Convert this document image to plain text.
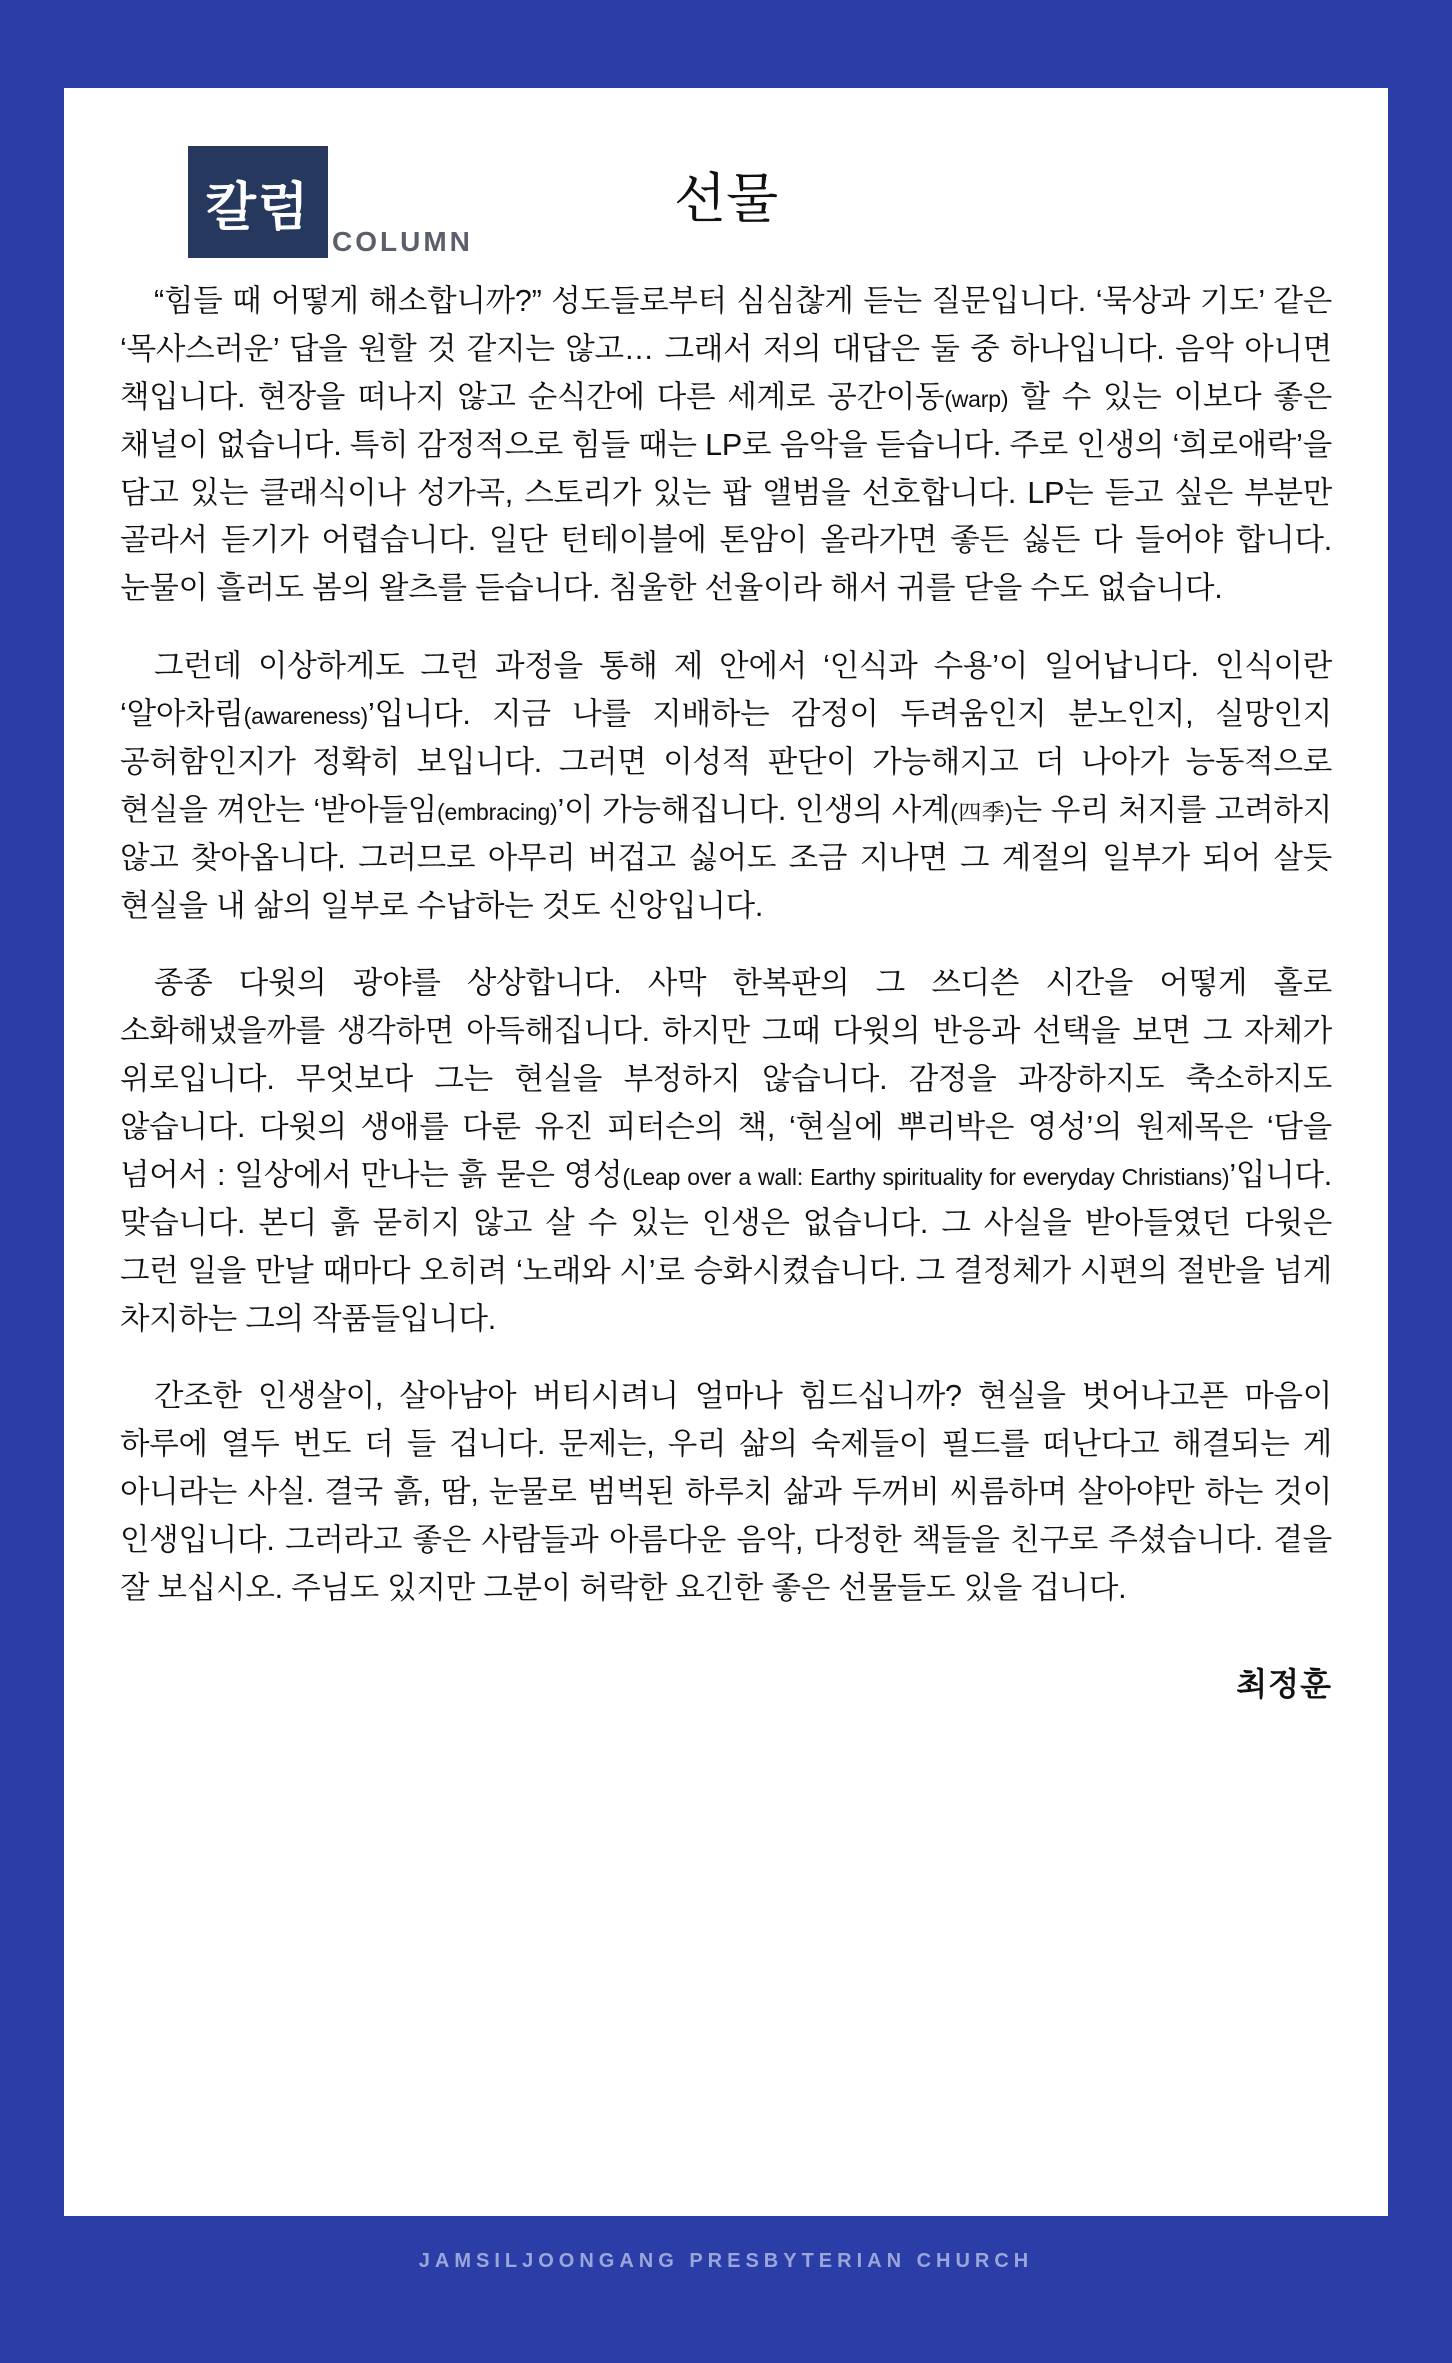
칼럼
COLUMN
선물

“힘들 때 어떻게 해소합니까?” 성도들로부터 심심찮게 듣는 질문입니다. ‘묵상과 기도’ 같은 ‘목사스러운’ 답을 원할 것 같지는 않고… 그래서 저의 대답은 둘 중 하나입니다. 음악 아니면 책입니다. 현장을 떠나지 않고 순식간에 다른 세계로 공간이동(warp) 할 수 있는 이보다 좋은 채널이 없습니다. 특히 감정적으로 힘들 때는 LP로 음악을 듣습니다. 주로 인생의 ‘희로애락’을 담고 있는 클래식이나 성가곡, 스토리가 있는 팝 앨범을 선호합니다. LP는 듣고 싶은 부분만 골라서 듣기가 어렵습니다. 일단 턴테이블에 톤암이 올라가면 좋든 싫든 다 들어야 합니다. 눈물이 흘러도 봄의 왈츠를 듣습니다. 침울한 선율이라 해서 귀를 닫을 수도 없습니다.

그런데 이상하게도 그런 과정을 통해 제 안에서 ‘인식과 수용’이 일어납니다. 인식이란 ‘알아차림(awareness)’입니다. 지금 나를 지배하는 감정이 두려움인지 분노인지, 실망인지 공허함인지가 정확히 보입니다. 그러면 이성적 판단이 가능해지고 더 나아가 능동적으로 현실을 껴안는 ‘받아들임(embracing)’이 가능해집니다. 인생의 사계(四季)는 우리 처지를 고려하지 않고 찾아옵니다. 그러므로 아무리 버겁고 싫어도 조금 지나면 그 계절의 일부가 되어 살듯 현실을 내 삶의 일부로 수납하는 것도 신앙입니다.

종종 다윗의 광야를 상상합니다. 사막 한복판의 그 쓰디쓴 시간을 어떻게 홀로 소화해냈을까를 생각하면 아득해집니다. 하지만 그때 다윗의 반응과 선택을 보면 그 자체가 위로입니다. 무엇보다 그는 현실을 부정하지 않습니다. 감정을 과장하지도 축소하지도 않습니다. 다윗의 생애를 다룬 유진 피터슨의 책, ‘현실에 뿌리박은 영성’의 원제목은 ‘담을 넘어서 : 일상에서 만나는 흙 묻은 영성(Leap over a wall: Earthy spirituality for everyday Christians)’입니다. 맞습니다. 본디 흙 묻히지 않고 살 수 있는 인생은 없습니다. 그 사실을 받아들였던 다윗은 그런 일을 만날 때마다 오히려 ‘노래와 시’로 승화시켰습니다. 그 결정체가 시편의 절반을 넘게 차지하는 그의 작품들입니다.

간조한 인생살이, 살아남아 버티시려니 얼마나 힘드십니까? 현실을 벗어나고픈 마음이 하루에 열두 번도 더 들 겁니다. 문제는, 우리 삶의 숙제들이 필드를 떠난다고 해결되는 게 아니라는 사실. 결국 흙, 땀, 눈물로 범벅된 하루치 삶과 두꺼비 씨름하며 살아야만 하는 것이 인생입니다. 그러라고 좋은 사람들과 아름다운 음악, 다정한 책들을 친구로 주셨습니다. 곁을 잘 보십시오. 주님도 있지만 그분이 허락한 요긴한 좋은 선물들도 있을 겁니다.

최정훈
JAMSILJOONGANG PRESBYTERIAN CHURCH
